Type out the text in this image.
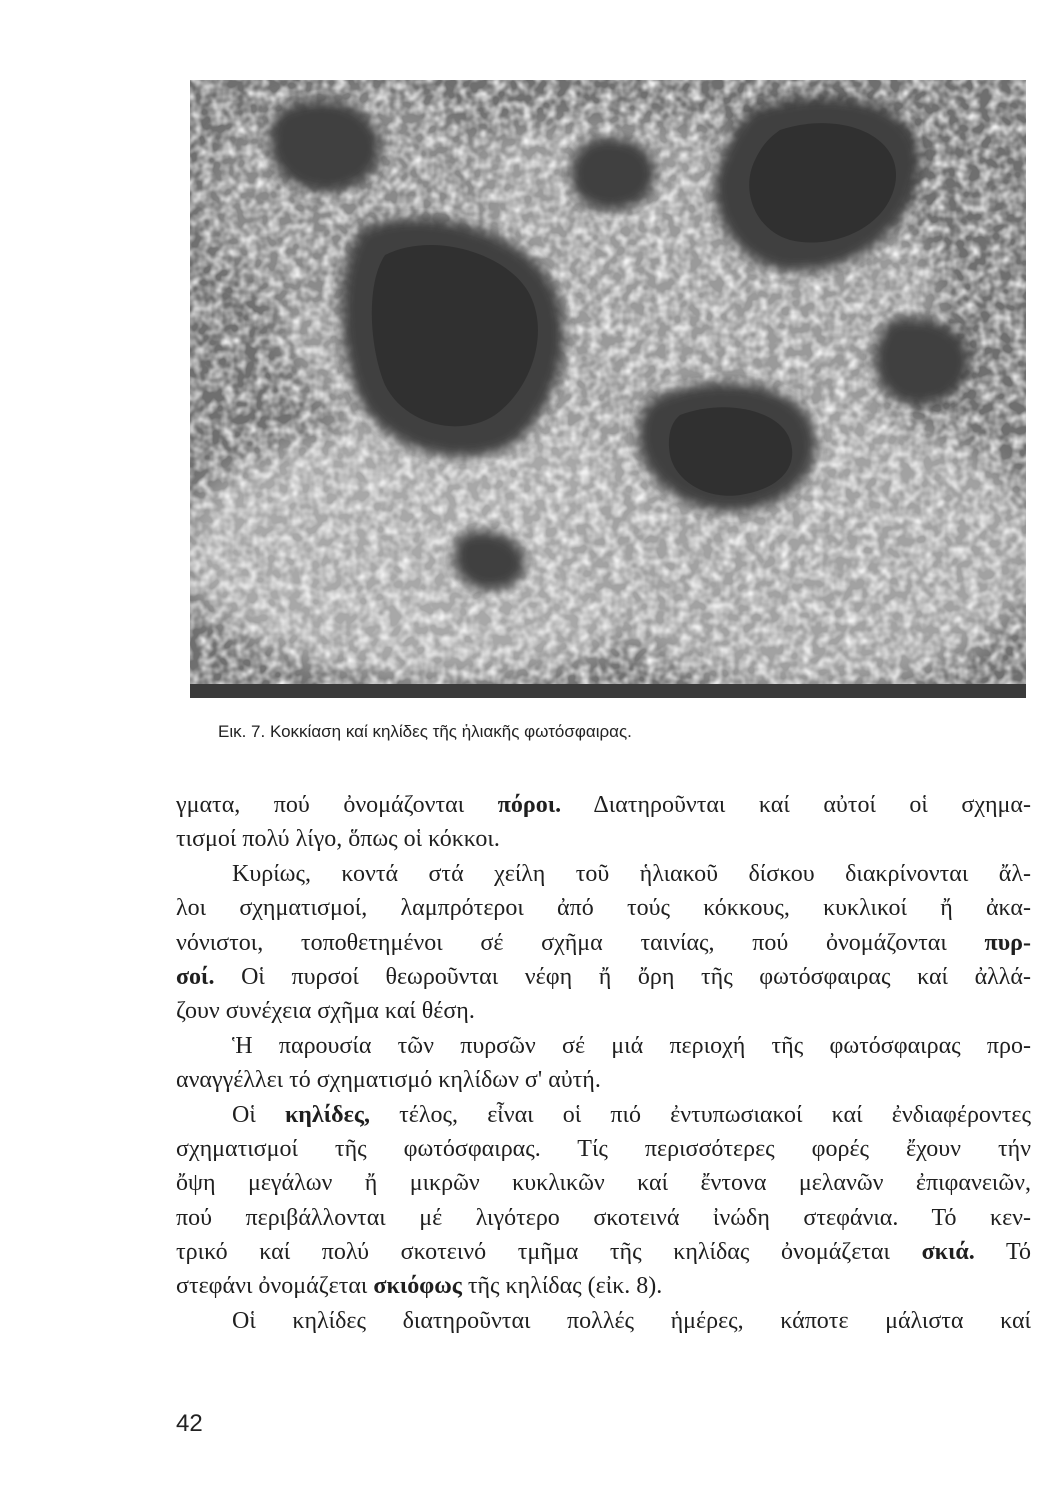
Εικ. 7. Κοκκίαση καί κηλίδες τῆς ἡλιακῆς φωτόσφαιρας.
γματα, πού ὀνομάζονται πόροι. Διατηροῦνται καί αὐτοί οἱ σχημα-
τισμοί πολύ λίγο, ὅπως οἱ κόκκοι.
Κυρίως, κοντά στά χείλη τοῦ ἡλιακοῦ δίσκου διακρίνονται ἄλ-
λοι σχηματισμοί, λαμπρότεροι ἀπό τούς κόκκους, κυκλικοί ἤ ἀκα-
νόνιστοι, τοποθετημένοι σέ σχῆμα ταινίας, πού ὀνομάζονται πυρ-
σοί. Οἱ πυρσοί θεωροῦνται νέφη ἤ ὄρη τῆς φωτόσφαιρας καί ἀλλά-
ζουν συνέχεια σχῆμα καί θέση.
Ἡ παρουσία τῶν πυρσῶν σέ μιά περιοχή τῆς φωτόσφαιρας προ-
αναγγέλλει τό σχηματισμό κηλίδων σ' αὐτή.
Οἱ κηλίδες, τέλος, εἶναι οἱ πιό ἐντυπωσιακοί καί ἐνδιαφέροντες
σχηματισμοί τῆς φωτόσφαιρας. Τίς περισσότερες φορές ἔχουν τήν
ὄψη μεγάλων ἤ μικρῶν κυκλικῶν καί ἔντονα μελανῶν ἐπιφανειῶν,
πού περιβάλλονται μέ λιγότερο σκοτεινά ἰνώδη στεφάνια. Τό κεν-
τρικό καί πολύ σκοτεινό τμῆμα τῆς κηλίδας ὀνομάζεται σκιά. Τό
στεφάνι ὀνομάζεται σκιόφως τῆς κηλίδας (εἰκ. 8).
Οἱ κηλίδες διατηροῦνται πολλές ἡμέρες, κάποτε μάλιστα καί
42
